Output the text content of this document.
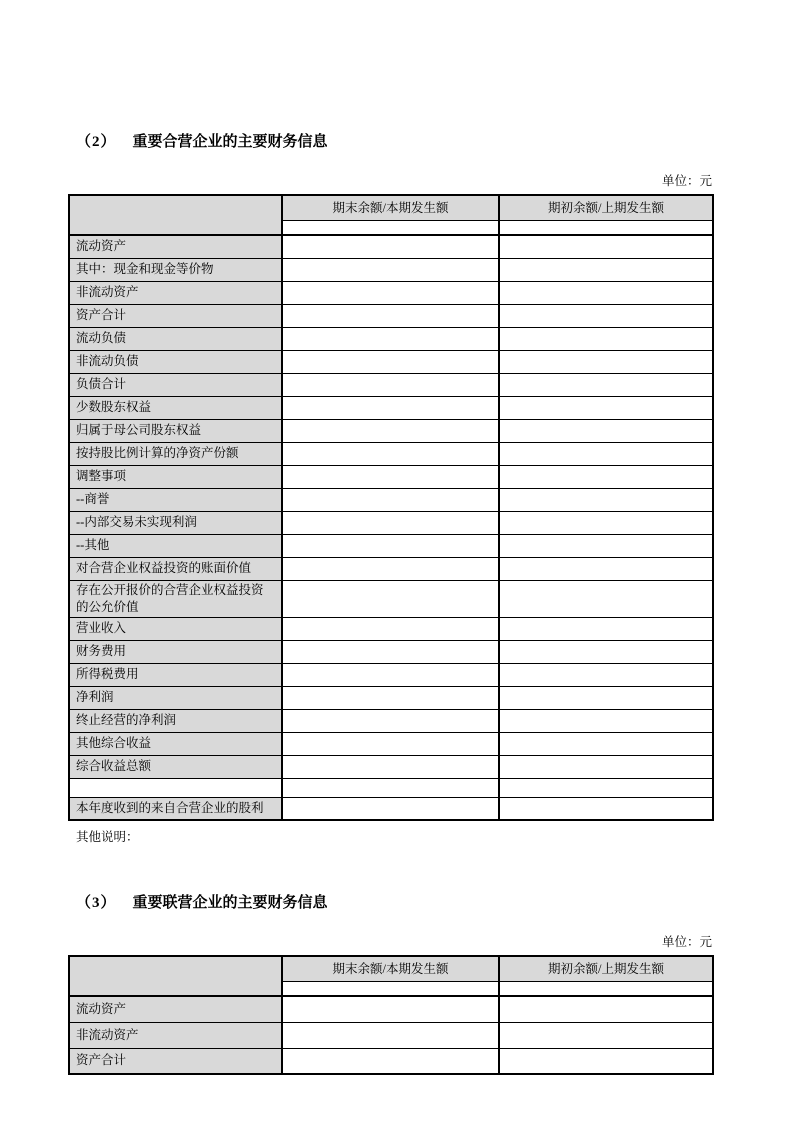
（2） 重要合营企业的主要财务信息
单位：元
	期末余额/本期发生额	期初余额/上期发生额

流动资产		
其中：现金和现金等价物		
非流动资产		
资产合计		
流动负债		
非流动负债		
负债合计		
少数股东权益		
归属于母公司股东权益		
按持股比例计算的净资产份额		
调整事项		
--商誉		
--内部交易未实现利润		
--其他		
对合营企业权益投资的账面价值		
存在公开报价的合营企业权益投资的公允价值		
营业收入		
财务费用		
所得税费用		
净利润		
终止经营的净利润		
其他综合收益		
综合收益总额		

本年度收到的来自合营企业的股利		
其他说明：
（3） 重要联营企业的主要财务信息
单位：元
	期末余额/本期发生额	期初余额/上期发生额

流动资产		
非流动资产		
资产合计		
